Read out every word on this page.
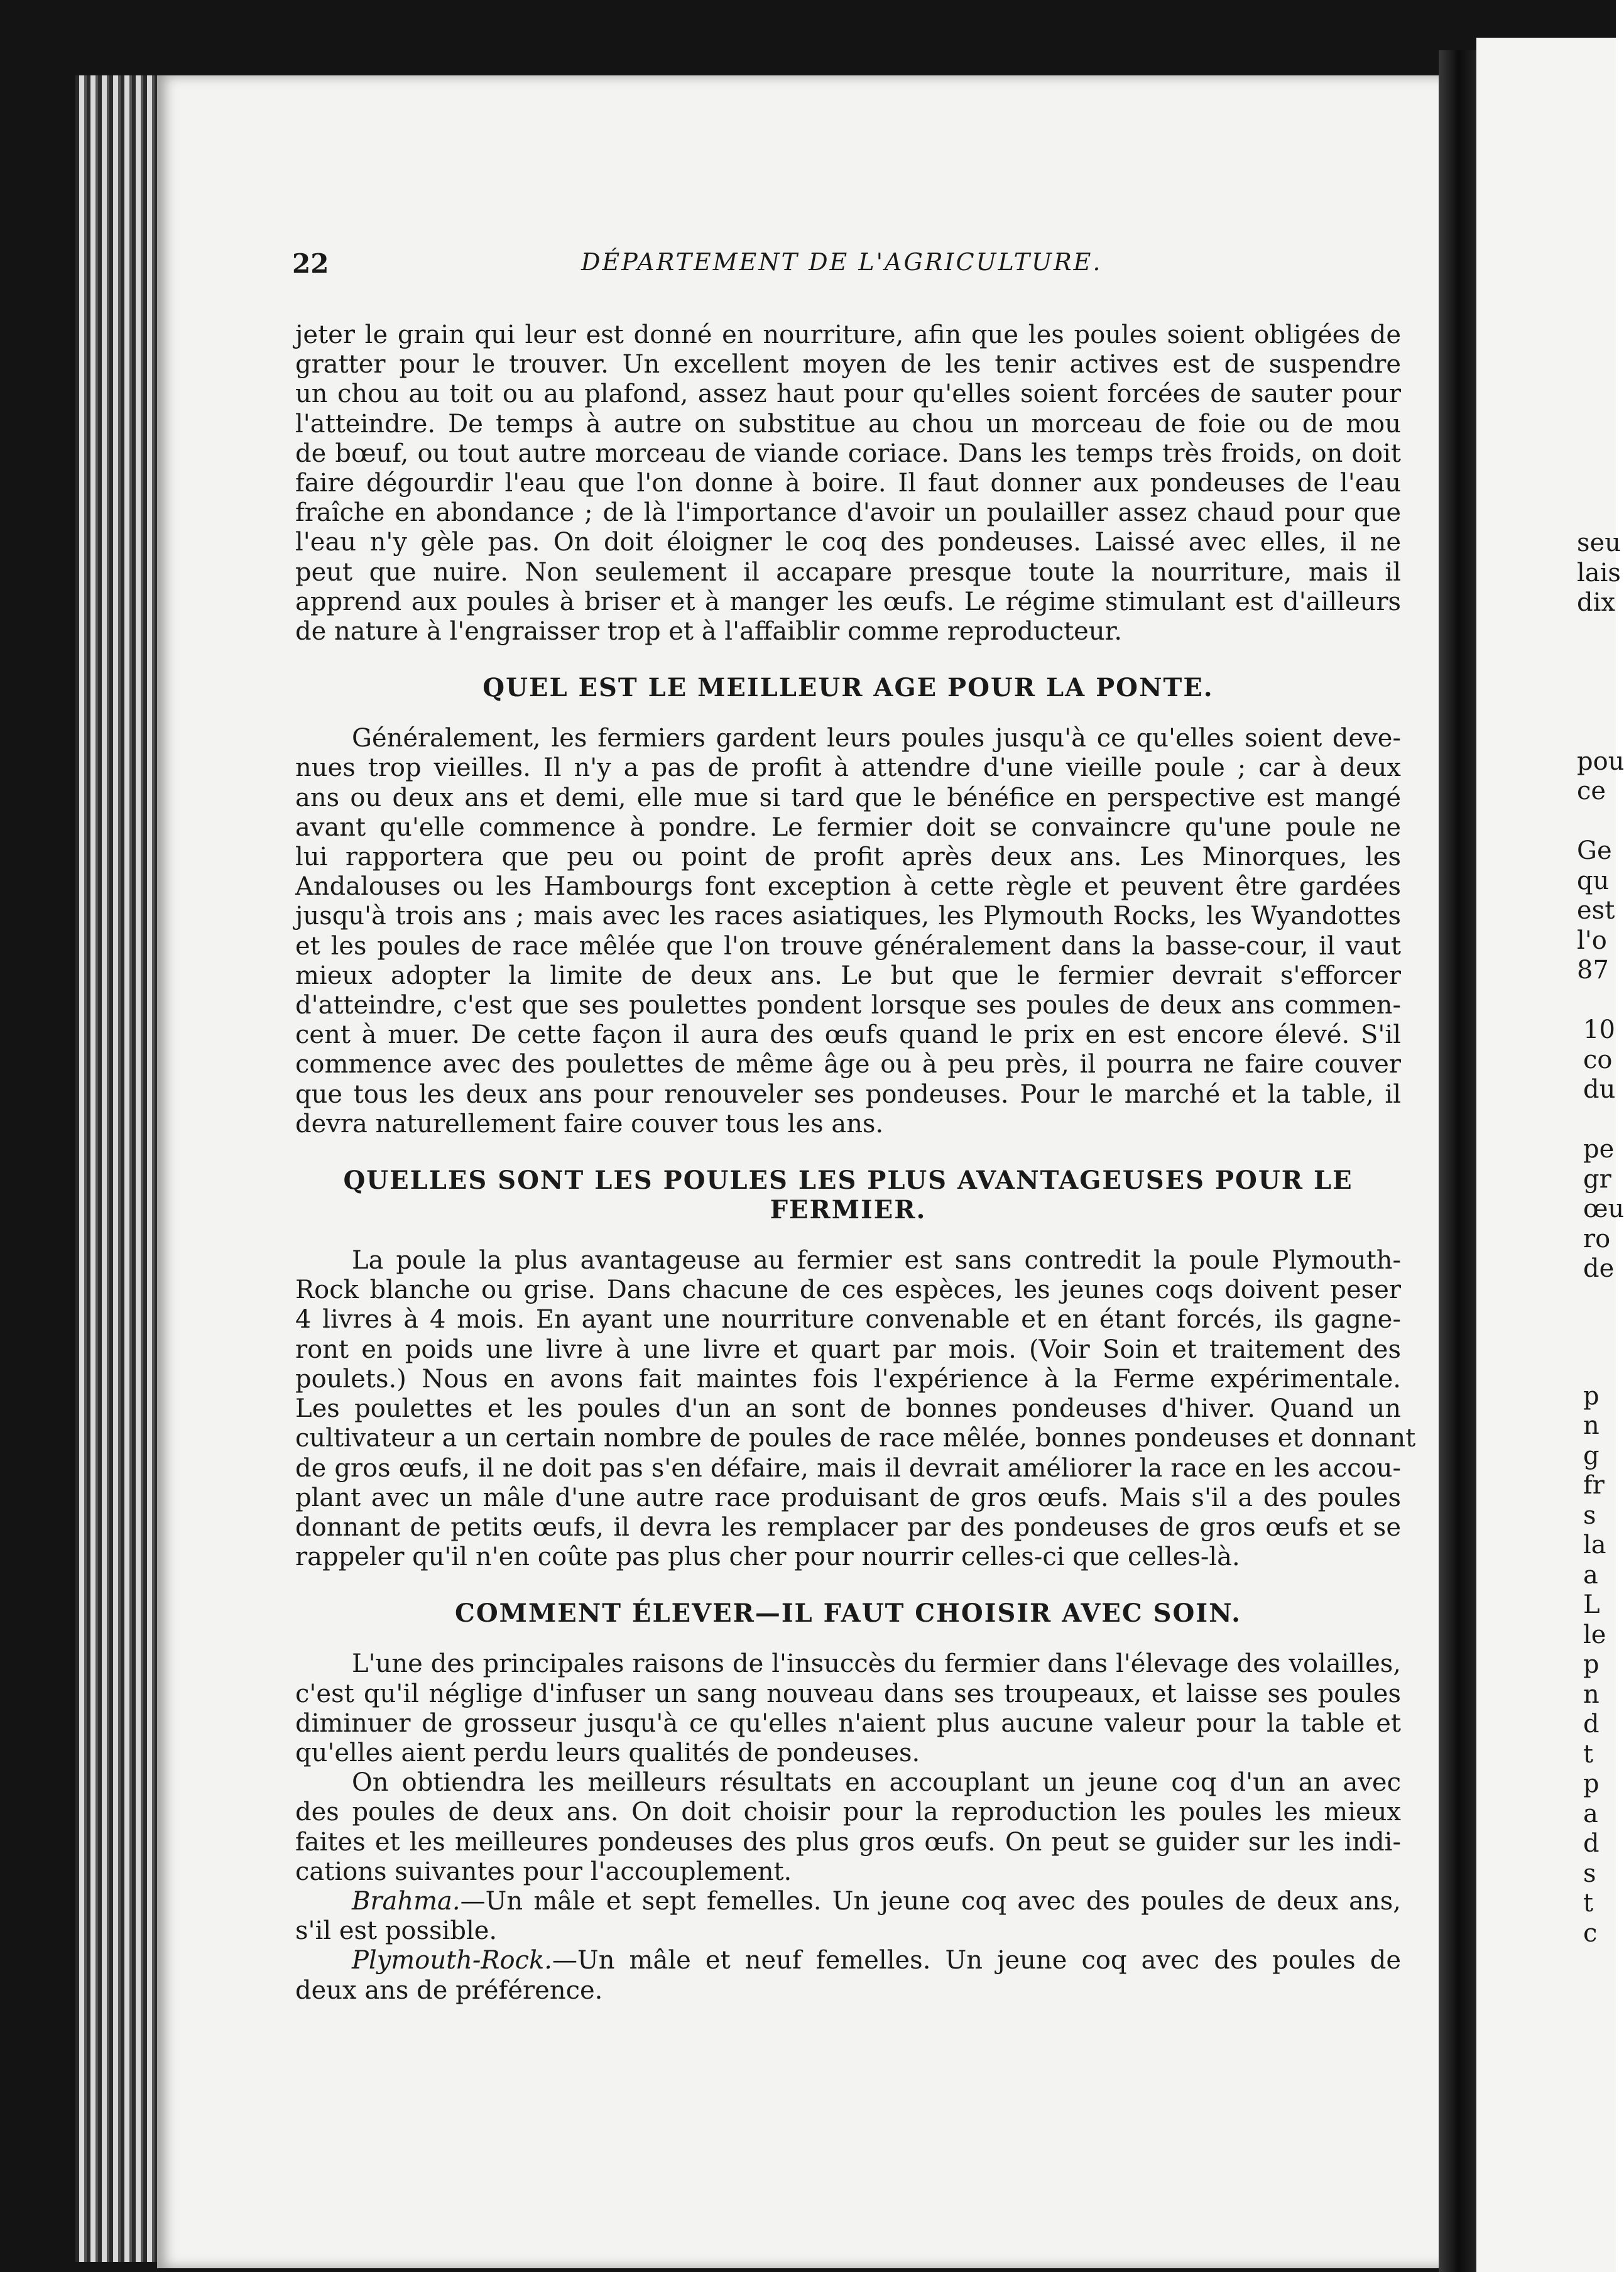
seu
lais
dix
pou
ce
Ge
qu
est
l'o
87
10
co
du
pe
gr
œu
ro
de
p
n
g
fr
s
la
a
L
le
p
n
d
t
p
a
d
s
t
c
22	DÉPARTEMENT DE L'AGRICULTURE.
jeter le grain qui leur est donné en nourriture, afin que les poules soient obligées de
gratter pour le trouver. Un excellent moyen de les tenir actives est de suspendre
un chou au toit ou au plafond, assez haut pour qu'elles soient forcées de sauter pour
l'atteindre. De temps à autre on substitue au chou un morceau de foie ou de mou
de bœuf, ou tout autre morceau de viande coriace. Dans les temps très froids, on doit
faire dégourdir l'eau que l'on donne à boire. Il faut donner aux pondeuses de l'eau
fraîche en abondance ; de là l'importance d'avoir un poulailler assez chaud pour que
l'eau n'y gèle pas. On doit éloigner le coq des pondeuses. Laissé avec elles, il ne
peut que nuire. Non seulement il accapare presque toute la nourriture, mais il
apprend aux poules à briser et à manger les œufs. Le régime stimulant est d'ailleurs
de nature à l'engraisser trop et à l'affaiblir comme reproducteur.
QUEL EST LE MEILLEUR AGE POUR LA PONTE.
Généralement, les fermiers gardent leurs poules jusqu'à ce qu'elles soient deve-
nues trop vieilles. Il n'y a pas de profit à attendre d'une vieille poule ; car à deux
ans ou deux ans et demi, elle mue si tard que le bénéfice en perspective est mangé
avant qu'elle commence à pondre. Le fermier doit se convaincre qu'une poule ne
lui rapportera que peu ou point de profit après deux ans. Les Minorques, les
Andalouses ou les Hambourgs font exception à cette règle et peuvent être gardées
jusqu'à trois ans ; mais avec les races asiatiques, les Plymouth Rocks, les Wyandottes
et les poules de race mêlée que l'on trouve généralement dans la basse-cour, il vaut
mieux adopter la limite de deux ans. Le but que le fermier devrait s'efforcer
d'atteindre, c'est que ses poulettes pondent lorsque ses poules de deux ans commen-
cent à muer. De cette façon il aura des œufs quand le prix en est encore élevé. S'il
commence avec des poulettes de même âge ou à peu près, il pourra ne faire couver
que tous les deux ans pour renouveler ses pondeuses. Pour le marché et la table, il
devra naturellement faire couver tous les ans.
QUELLES SONT LES POULES LES PLUS AVANTAGEUSES POUR LE
FERMIER.
La poule la plus avantageuse au fermier est sans contredit la poule Plymouth-
Rock blanche ou grise. Dans chacune de ces espèces, les jeunes coqs doivent peser
4 livres à 4 mois. En ayant une nourriture convenable et en étant forcés, ils gagne-
ront en poids une livre à une livre et quart par mois. (Voir Soin et traitement des
poulets.) Nous en avons fait maintes fois l'expérience à la Ferme expérimentale.
Les poulettes et les poules d'un an sont de bonnes pondeuses d'hiver. Quand un
cultivateur a un certain nombre de poules de race mêlée, bonnes pondeuses et donnant
de gros œufs, il ne doit pas s'en défaire, mais il devrait améliorer la race en les accou-
plant avec un mâle d'une autre race produisant de gros œufs. Mais s'il a des poules
donnant de petits œufs, il devra les remplacer par des pondeuses de gros œufs et se
rappeler qu'il n'en coûte pas plus cher pour nourrir celles-ci que celles-là.
COMMENT ÉLEVER—IL FAUT CHOISIR AVEC SOIN.
L'une des principales raisons de l'insuccès du fermier dans l'élevage des volailles,
c'est qu'il néglige d'infuser un sang nouveau dans ses troupeaux, et laisse ses poules
diminuer de grosseur jusqu'à ce qu'elles n'aient plus aucune valeur pour la table et
qu'elles aient perdu leurs qualités de pondeuses.
On obtiendra les meilleurs résultats en accouplant un jeune coq d'un an avec
des poules de deux ans. On doit choisir pour la reproduction les poules les mieux
faites et les meilleures pondeuses des plus gros œufs. On peut se guider sur les indi-
cations suivantes pour l'accouplement.
Brahma.—Un mâle et sept femelles. Un jeune coq avec des poules de deux ans,
s'il est possible.
Plymouth-Rock.—Un mâle et neuf femelles. Un jeune coq avec des poules de
deux ans de préférence.
